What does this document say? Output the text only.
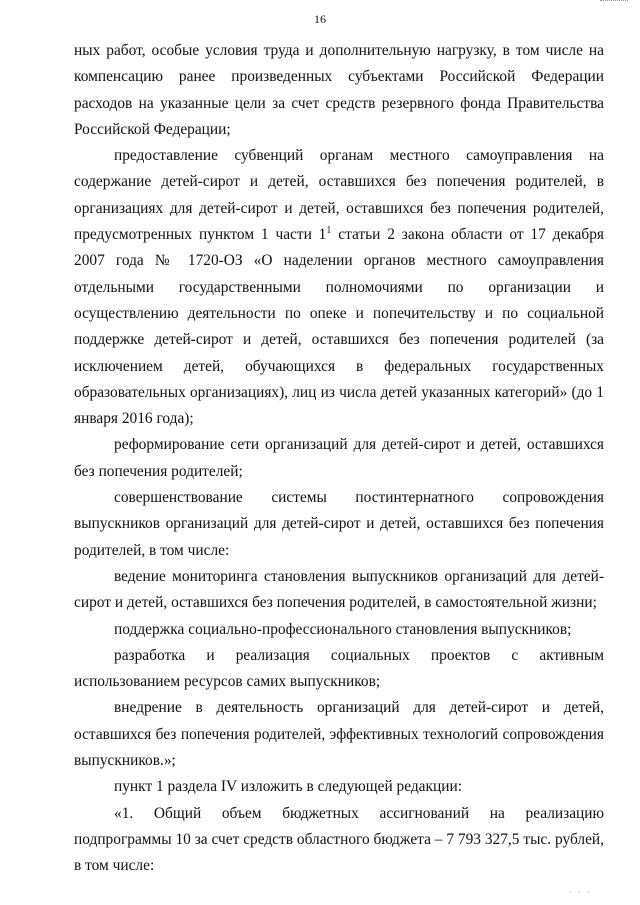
16

ных работ, особые условия труда и дополнительную нагрузку, в том числе на компенсацию ранее произведенных субъектами Российской Федерации расходов на указанные цели за счет средств резервного фонда Правительства Российской Федерации;

предоставление субвенций органам местного самоуправления на содержание детей-сирот и детей, оставшихся без попечения родителей, в организациях для детей-сирот и детей, оставшихся без попечения родителей, предусмотренных пунктом 1 части $1^1$ статьи 2 закона области от 17 декабря 2007 года № 1720-ОЗ «О наделении органов местного самоуправления отдельными государственными полномочиями по организации и осуществлению деятельности по опеке и попечительству и по социальной поддержке детей-сирот и детей, оставшихся без попечения родителей (за исключением детей, обучающихся в федеральных государственных образовательных организациях), лиц из числа детей указанных категорий» (до 1 января 2016 года);

реформирование сети организаций для детей-сирот и детей, оставшихся без попечения родителей;

совершенствование системы постинтернатного сопровождения выпускников организаций для детей-сирот и детей, оставшихся без попечения родителей, в том числе:

ведение мониторинга становления выпускников организаций для детей-сирот и детей, оставшихся без попечения родителей, в самостоятельной жизни;

поддержка социально-профессионального становления выпускников;

разработка и реализация социальных проектов с активным использованием ресурсов самих выпускников;

внедрение в деятельность организаций для детей-сирот и детей, оставшихся без попечения родителей, эффективных технологий сопровождения выпускников.»;

пункт 1 раздела IV изложить в следующей редакции:

«1. Общий объем бюджетных ассигнований на реализацию подпрограммы 10 за счет средств областного бюджета – 7 793 327,5 тыс. рублей, в том числе:

· · ·
